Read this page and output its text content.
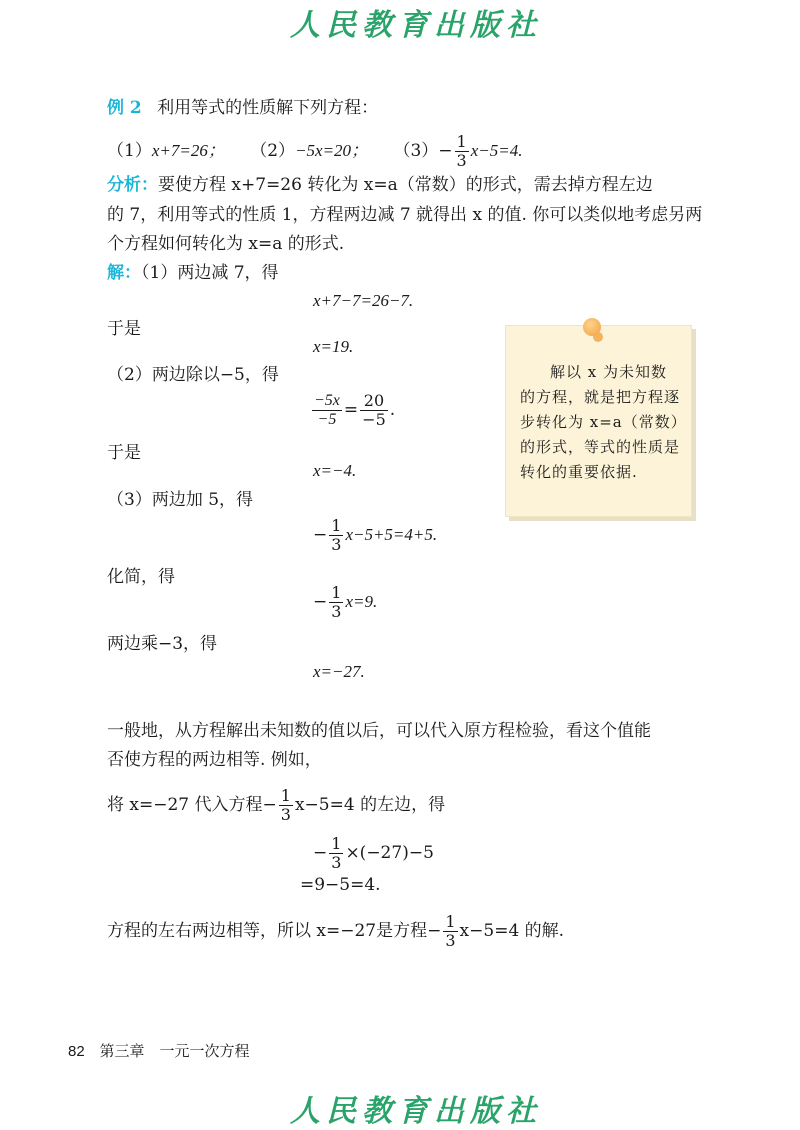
人民教育出版社
例 2 利用等式的性质解下列方程：
（1）x+7=26； （2）−5x=20； $(3)- \frac{1}{3} x-5=4$.
分析：要使方程 x+7=26 转化为 x=a（常数）的形式，需去掉方程左边
的 7，利用等式的性质 1，方程两边减 7 就得出 x 的值. 你可以类似地考虑另两
个方程如何转化为 x=a 的形式.
解：（1）两边减 7，得
x+7−7=26−7.
于是
x=19.
（2）两边除以−5，得
$\frac{-5x}{-5} = \frac{20}{-5}$ .
于是
x=−4.
（3）两边加 5，得
− $\frac{1}{3} x-5+5=4+5$.
化简，得
− $\frac{1}{3} x=9$.
两边乘−3，得
x=−27.
解以 x 为未知数的方程，就是把方程逐步转化为 x=a（常数）的形式，等式的性质是转化的重要依据.
一般地，从方程解出未知数的值以后，可以代入原方程检验，看这个值能
否使方程的两边相等. 例如，
将 x=−27 代入方程− $\frac{1}{3} x-5=4$ 的左边，得
− $\frac{1}{3} \times(-27)-5$
=9−5=4.
方程的左右两边相等，所以 x=−27是方程− $\frac{1}{3} x-5=4$ 的解.
82 第三章　一元一次方程
人民教育出版社
